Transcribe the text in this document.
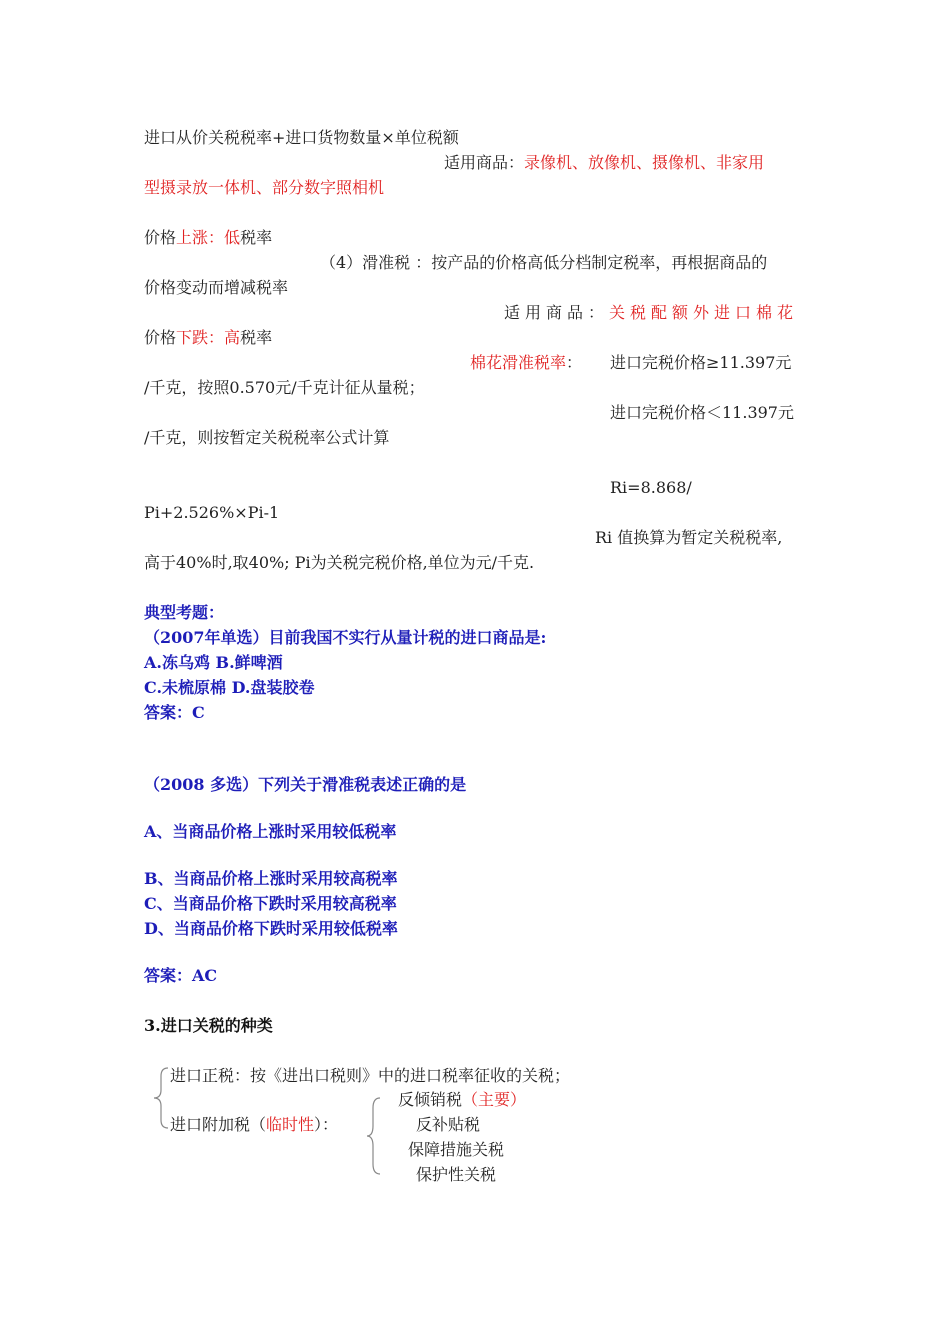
进口从价关税税率+进口货物数量×单位税额
适用商品：录像机、放像机、摄像机、非家用
型摄录放一体机、部分数字照相机
价格上涨：低税率
（4）滑准税 ：按产品的价格高低分档制定税率，再根据商品的
价格变动而增减税率
适用商品：关税配额外进口棉花
价格下跌：高税率
棉花滑准税率： 进口完税价格≥11.397元
/千克，按照0.570元/千克计征从量税；
进口完税价格＜11.397元
/千克，则按暂定关税税率公式计算
Ri=8.868/
Pi+2.526%×Pi-1
Ri 值换算为暂定关税税率,
高于40%时,取40%; Pi为关税完税价格,单位为元/千克.
典型考题：
（2007年单选）目前我国不实行从量计税的进口商品是:
A.冻乌鸡 B.鲜啤酒
C.未梳原棉 D.盘装胶卷
答案：C
（2008 多选）下列关于滑准税表述正确的是
A、当商品价格上涨时采用较低税率
B、当商品价格上涨时采用较高税率
C、当商品价格下跌时采用较高税率
D、当商品价格下跌时采用较低税率
答案：AC
3.进口关税的种类
进口正税：按《进出口税则》中的进口税率征收的关税；
进口附加税（临时性）：
反倾销税（主要）
反补贴税
保障措施关税
保护性关税
